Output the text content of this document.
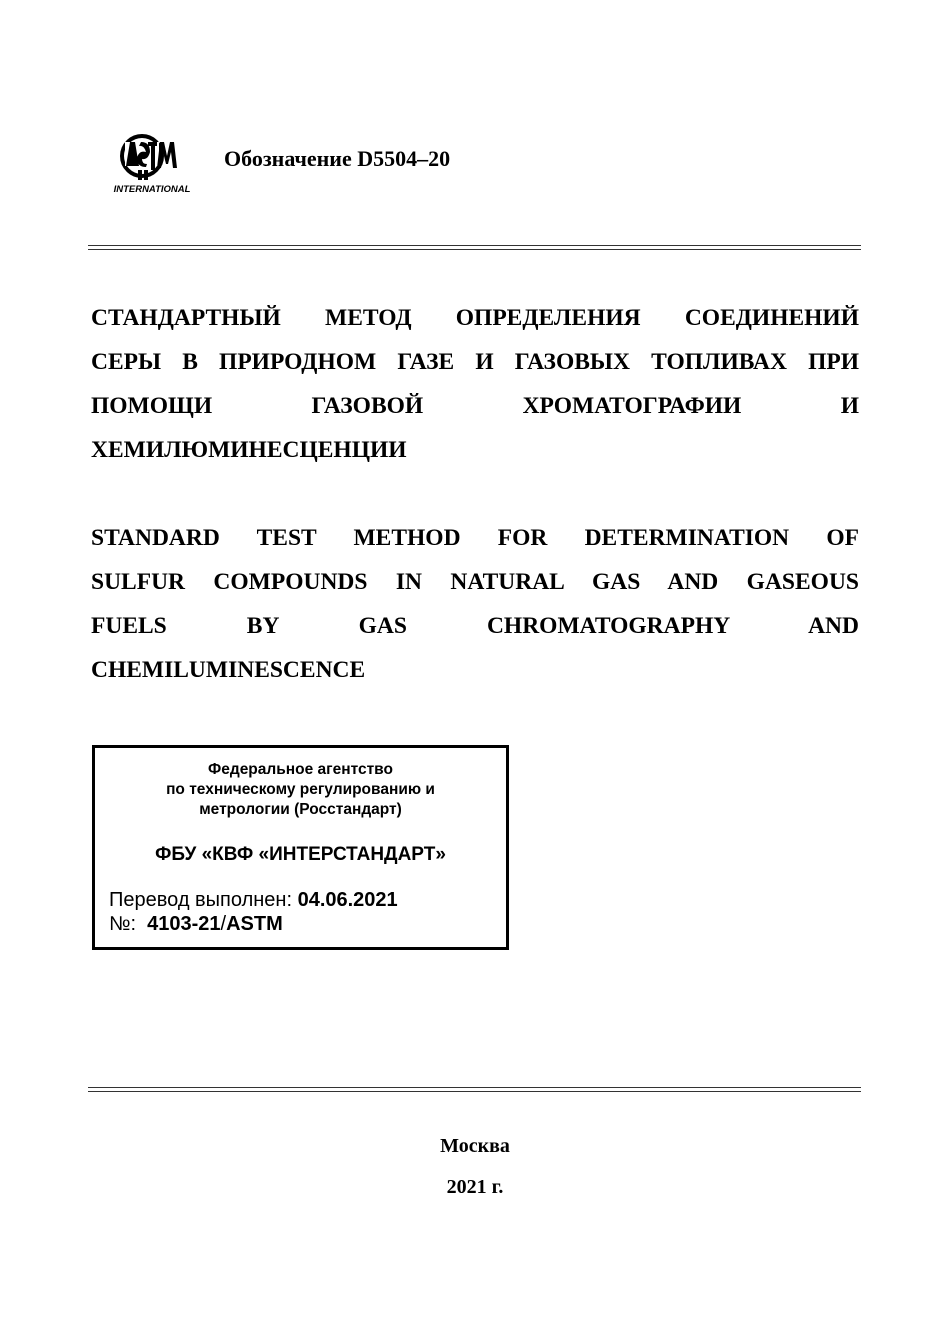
INTERNATIONAL
Обозначение D5504–20
СТАНДАРТНЫЙ МЕТОД ОПРЕДЕЛЕНИЯ СОЕДИНЕНИЙ
СЕРЫ В ПРИРОДНОМ ГАЗЕ И ГАЗОВЫХ ТОПЛИВАХ ПРИ
ПОМОЩИ ГАЗОВОЙ ХРОМАТОГРАФИИ И
ХЕМИЛЮМИНЕСЦЕНЦИИ
STANDARD TEST METHOD FOR DETERMINATION OF
SULFUR COMPOUNDS IN NATURAL GAS AND GASEOUS
FUELS BY GAS CHROMATOGRAPHY AND
CHEMILUMINESCENCE
Федеральное агентство
по техническому регулированию и
метрологии (Росстандарт)
ФБУ «КВФ «ИНТЕРСТАНДАРТ»
Перевод выполнен: 04.06.2021
№: 4103-21/ASTM
Москва
2021 г.
